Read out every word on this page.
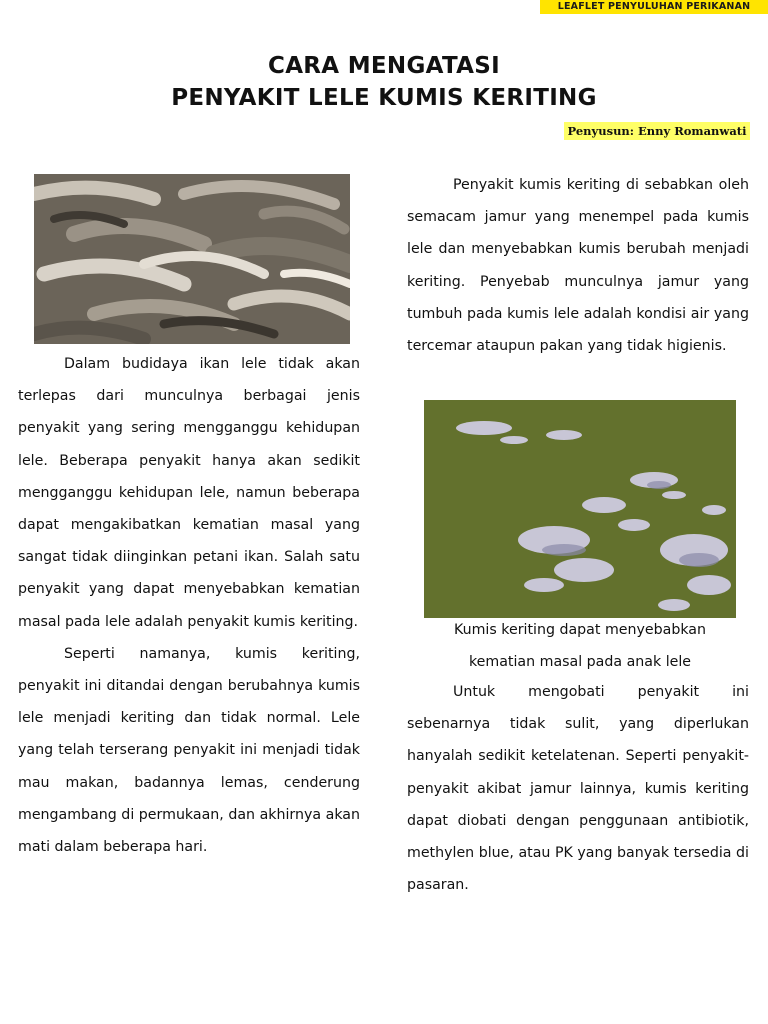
LEAFLET PENYULUHAN PERIKANAN
CARA MENGATASI
PENYAKIT LELE KUMIS KERITING
Penyusun: Enny Romanwati

Dalam budidaya ikan lele tidak akan terlepas dari munculnya berbagai jenis penyakit yang sering mengganggu kehidupan lele. Beberapa penyakit hanya akan sedikit mengganggu kehidupan lele, namun beberapa dapat mengakibatkan kematian masal yang sangat tidak diinginkan petani ikan. Salah satu penyakit yang dapat menyebabkan kematian masal pada lele adalah penyakit kumis keriting.

Seperti namanya, kumis keriting, penyakit ini ditandai dengan berubahnya kumis lele menjadi keriting dan tidak normal. Lele yang telah terserang penyakit ini menjadi tidak mau makan, badannya lemas, cenderung mengambang di permukaan, dan akhirnya akan mati dalam beberapa hari.

Penyakit kumis keriting di sebabkan oleh semacam jamur yang menempel pada kumis lele dan menyebabkan kumis berubah menjadi keriting. Penyebab munculnya jamur yang tumbuh pada kumis lele adalah kondisi air yang tercemar ataupun pakan yang tidak higienis.

Kumis keriting dapat menyebabkan
kematian masal pada anak lele

Untuk mengobati penyakit ini sebenarnya tidak sulit, yang diperlukan hanyalah sedikit ketelatenan. Seperti penyakit-penyakit akibat jamur lainnya, kumis keriting dapat diobati dengan penggunaan antibiotik, methylen blue, atau PK yang banyak tersedia di pasaran.
